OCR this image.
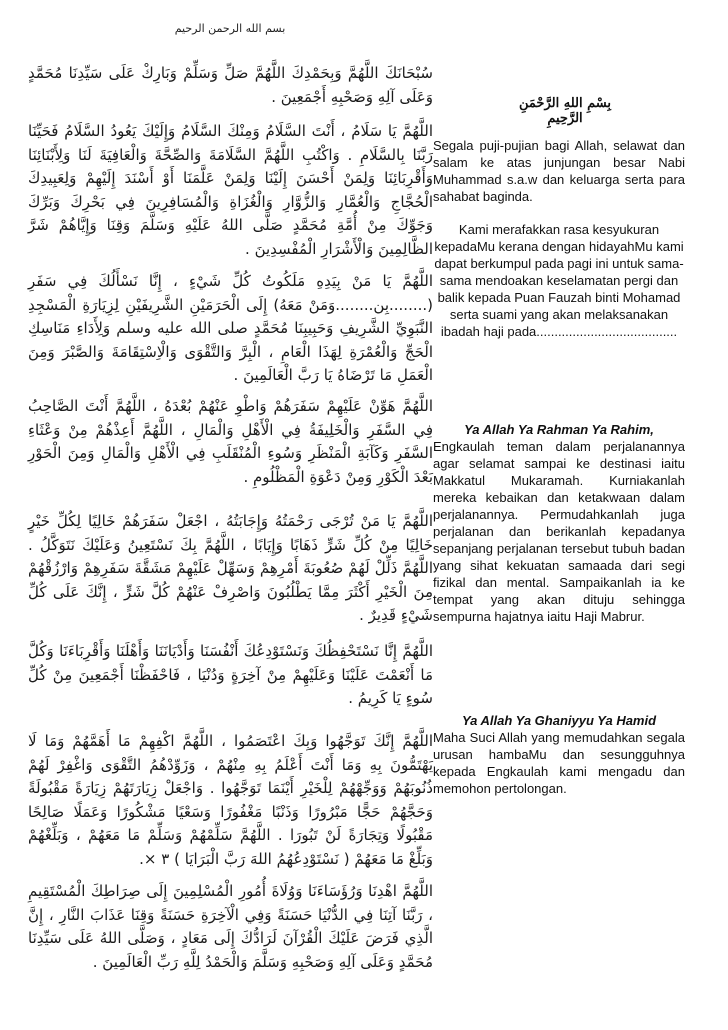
بسم الله الرحمن الرحيم
سُبْحَانَكَ اللَّهُمَّ وَبِحَمْدِكَ اللَّهُمَّ صَلِّ وَسَلِّمْ وَبَارِكْ عَلَى سَيِّدِنَا مُحَمَّدٍ وَعَلَى آلِهِ وَصَحْبِهِ أَجْمَعِينَ .
اللَّهُمَّ يَا سَلَامُ ، أَنْتَ السَّلَامُ وَمِنْكَ السَّلَامُ وَإِلَيْكَ يَعُودُ السَّلَامُ فَحَيِّنَا رَبَّنَا بِالسَّلَامِ . وَاكْتُبِ اللَّهُمَّ السَّلَامَةَ وَالصِّحَّةَ وَالْعَافِيَةَ لَنَا وَلِأَبْنَائِنَا وَأَقْرِبَائِنَا وَلِمَنْ أَحْسَنَ إِلَيْنَا وَلِمَنْ عَلَّمَنَا أَوْ أَسْنَدَ إِلَيْهِمْ وَلِعَبِيدِكَ الْحُجَّاجِ وَالْعُمَّارِ وَالزُّوَّارِ وَالْغُزَاةِ وَالْمُسَافِرِينَ فِي بَحْرِكَ وَبَرِّكَ وَجَوِّكَ مِنْ أُمَّةِ مُحَمَّدٍ صَلَّى اللهُ عَلَيْهِ وَسَلَّمَ وَقِنَا وَإِيَّاهُمْ شَرَّ الظَّالِمِينَ وَالْأَشْرَارِ الْمُفْسِدِينَ .
اللَّهُمَّ يَا مَنْ بِيَدِهِ مَلَكُوتُ كُلِّ شَيْءٍ ، إِنَّا نَسْأَلُكَ فِي سَفَرِ (........بِن........وَمَنْ مَعَهُ) إِلَى الْحَرَمَيْنِ الشَّرِيفَيْنِ لِزِيَارَةِ الْمَسْجِدِ النَّبَوِيِّ الشَّرِيفِ وَحَبِيبِنَا مُحَمَّدٍ صلى الله عليه وسلم وَلِأَدَاءِ مَنَاسِكِ الْحَجِّ وَالْعُمْرَةِ لِهَذَا الْعَامِ ، الْبِرَّ وَالتَّقْوَى وَالْاِسْتِقَامَةَ وَالصَّبْرَ وَمِنَ الْعَمَلِ مَا تَرْضَاهُ يَا رَبَّ الْعَالَمِينَ .
اللَّهُمَّ هَوِّنْ عَلَيْهِمْ سَفَرَهُمْ وَاطْوِ عَنْهُمْ بُعْدَهُ ، اللَّهُمَّ أَنْتَ الصَّاحِبُ فِي السَّفَرِ وَالْخَلِيفَةُ فِي الْأَهْلِ وَالْمَالِ ، اللَّهُمَّ أَعِذْهُمْ مِنْ وَعْثَاءِ السَّفَرِ وَكَآبَةِ الْمَنْظَرِ وَسُوءِ الْمُنْقَلَبِ فِي الْأَهْلِ وَالْمَالِ وَمِنَ الْحَوْرِ بَعْدَ الْكَوْرِ وَمِنْ دَعْوَةِ الْمَظْلُومِ .
اللَّهُمَّ يَا مَنْ تُرْجَى رَحْمَتُهُ وَإِجَابَتُهُ ، اجْعَلْ سَفَرَهُمْ خَالِيًا لِكُلِّ خَيْرٍ خَالِيًا مِنْ كُلِّ شَرٍّ ذَهَابًا وَإِيَابًا ، اللَّهُمَّ بِكَ نَسْتَعِينُ وَعَلَيْكَ نَتَوَكَّلُ . اللَّهُمَّ ذَلِّلْ لَهُمْ صُعُوبَةَ أَمْرِهِمْ وَسَهِّلْ عَلَيْهِمْ مَشَقَّةَ سَفَرِهِمْ وَارْزُقْهُمْ مِنَ الْخَيْرِ أَكْثَرَ مِمَّا يَطْلُبُونَ وَاصْرِفْ عَنْهُمْ كُلَّ شَرٍّ ، إِنَّكَ عَلَى كُلِّ شَيْءٍ قَدِيرٌ .
اللَّهُمَّ إِنَّا نَسْتَحْفِظُكَ وَنَسْتَوْدِعُكَ أَنْفُسَنَا وَأَدْيَانَنَا وَأَهْلَنَا وَأَقْرِبَاءَنَا وَكُلَّ مَا أَنْعَمْتَ عَلَيْنَا وَعَلَيْهِمْ مِنْ آخِرَةٍ وَدُنْيَا ، فَاحْفَظْنَا أَجْمَعِينَ مِنْ كُلِّ سُوءٍ يَا كَرِيمُ .
اللَّهُمَّ إِنَّكَ تَوَجَّهُوا وَبِكَ اعْتَصَمُوا ، اللَّهُمَّ اكْفِهِمْ مَا أَهَمَّهُمْ وَمَا لَا يَهْتَمُّونَ بِهِ وَمَا أَنْتَ أَعْلَمُ بِهِ مِنْهُمْ ، وَزَوِّدْهُمُ التَّقْوَى وَاغْفِرْ لَهُمْ ذُنُوبَهُمْ وَوَجِّهْهُمْ لِلْخَيْرِ أَيْنَمَا تَوَجَّهُوا . وَاجْعَلْ زِيَارَتَهُمْ زِيَارَةً مَقْبُولَةً وَحَجَّهُمْ حَجًّا مَبْرُورًا وَذَنْبًا مَغْفُورًا وَسَعْيًا مَشْكُورًا وَعَمَلًا صَالِحًا مَقْبُولًا وَتِجَارَةً لَنْ تَبُورَا . اللَّهُمَّ سَلِّمْهُمْ وَسَلِّمْ مَا مَعَهُمْ ، وَبَلِّغْهُمْ وَبَلِّغْ مَا مَعَهُمْ ( نَسْتَوْدِعُهُمُ اللهَ رَبَّ الْبَرَايَا ) ٣ ×.
اللَّهُمَّ اهْدِنَا وَرُؤَسَاءَنَا وَوُلَاةَ أُمُورِ الْمُسْلِمِينَ إِلَى صِرَاطِكَ الْمُسْتَقِيمِ ، رَبَّنَا آتِنَا فِي الدُّنْيَا حَسَنَةً وَفِي الْآخِرَةِ حَسَنَةً وَقِنَا عَذَابَ النَّارِ ، إِنَّ الَّذِي فَرَضَ عَلَيْكَ الْقُرْآنَ لَرَادُّكَ إِلَى مَعَادٍ ، وَصَلَّى اللهُ عَلَى سَيِّدِنَا مُحَمَّدٍ وَعَلَى آلِهِ وَصَحْبِهِ وَسَلَّمَ وَالْحَمْدُ لِلَّهِ رَبِّ الْعَالَمِينَ .
بِسْمِ اللهِ الرَّحْمَنِ الرَّحِيمِ

Segala puji-pujian bagi Allah, selawat dan salam ke atas junjungan besar Nabi Muhammad s.a.w dan keluarga serta para sahabat baginda.

Kami merafakkan rasa kesyukuran kepadaMu kerana dengan hidayahMu kami dapat berkumpul pada pagi ini untuk sama-sama mendoakan keselamatan pergi dan balik kepada Puan Fauzah binti Mohamad serta suami yang akan melaksanakan ibadah haji pada.......................................

Ya Allah Ya Rahman Ya Rahim,

Engkaulah teman dalam perjalanannya agar selamat sampai ke destinasi iaitu Makkatul Mukaramah. Kurniakanlah mereka kebaikan dan ketakwaan dalam perjalanannya. Permudahkanlah juga perjalanan dan berikanlah kepadanya sepanjang perjalanan tersebut tubuh badan yang sihat kekuatan samaada dari segi fizikal dan mental. Sampaikanlah ia ke tempat yang akan dituju sehingga sempurna hajatnya iaitu Haji Mabrur.

Ya Allah Ya Ghaniyyu Ya Hamid

Maha Suci Allah yang memudahkan segala urusan hambaMu dan sesungguhnya kepada Engkaulah kami mengadu dan memohon pertolongan.
